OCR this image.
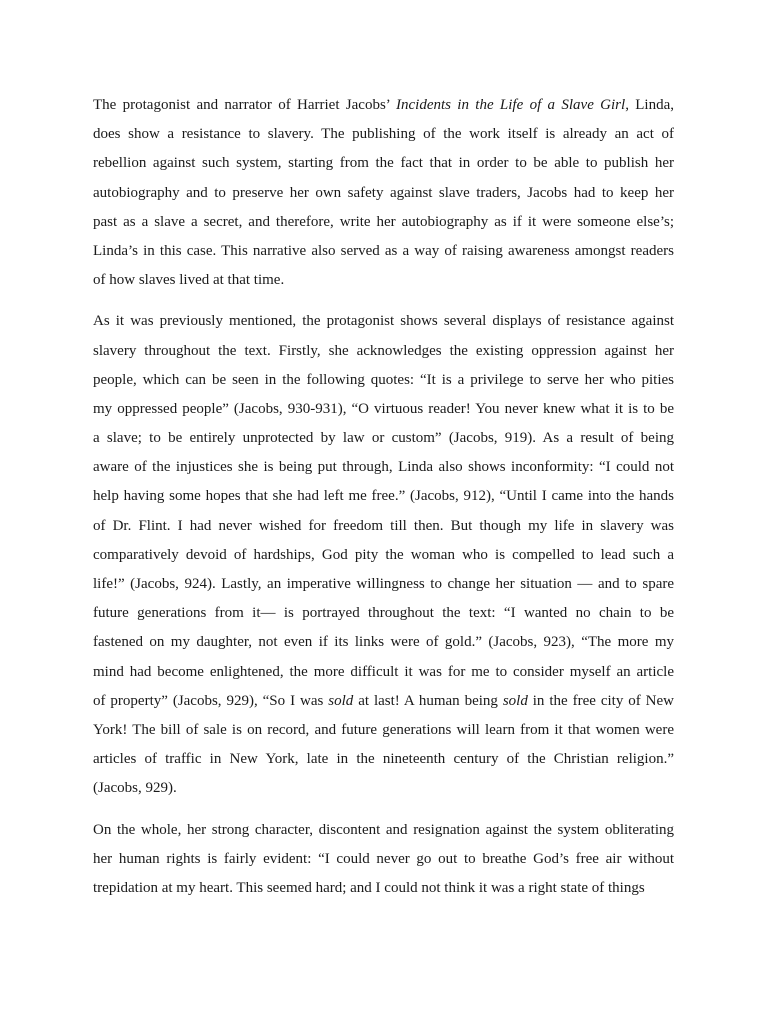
The protagonist and narrator of Harriet Jacobs’ Incidents in the Life of a Slave Girl, Linda,
does show a resistance to slavery. The publishing of the work itself is already an act of
rebellion against such system, starting from the fact that in order to be able to publish her
autobiography and to preserve her own safety against slave traders, Jacobs had to keep her
past as a slave a secret, and therefore, write her autobiography as if it were someone else’s;
Linda’s in this case. This narrative also served as a way of raising awareness amongst readers
of how slaves lived at that time.
As it was previously mentioned, the protagonist shows several displays of resistance against
slavery throughout the text. Firstly, she acknowledges the existing oppression against her
people, which can be seen in the following quotes: “It is a privilege to serve her who pities
my oppressed people” (Jacobs, 930-931), “O virtuous reader! You never knew what it is to be
a slave; to be entirely unprotected by law or custom” (Jacobs, 919). As a result of being
aware of the injustices she is being put through, Linda also shows inconformity: “I could not
help having some hopes that she had left me free.” (Jacobs, 912), “Until I came into the hands
of Dr. Flint. I had never wished for freedom till then. But though my life in slavery was
comparatively devoid of hardships, God pity the woman who is compelled to lead such a
life!” (Jacobs, 924). Lastly, an imperative willingness to change her situation — and to spare
future generations from it— is portrayed throughout the text: “I wanted no chain to be
fastened on my daughter, not even if its links were of gold.” (Jacobs, 923), “The more my
mind had become enlightened, the more difficult it was for me to consider myself an article
of property” (Jacobs, 929), “So I was sold at last! A human being sold in the free city of New
York! The bill of sale is on record, and future generations will learn from it that women were
articles of traffic in New York, late in the nineteenth century of the Christian religion.”
(Jacobs, 929).
On the whole, her strong character, discontent and resignation against the system obliterating
her human rights is fairly evident: “I could never go out to breathe God’s free air without
trepidation at my heart. This seemed hard; and I could not think it was a right state of things
